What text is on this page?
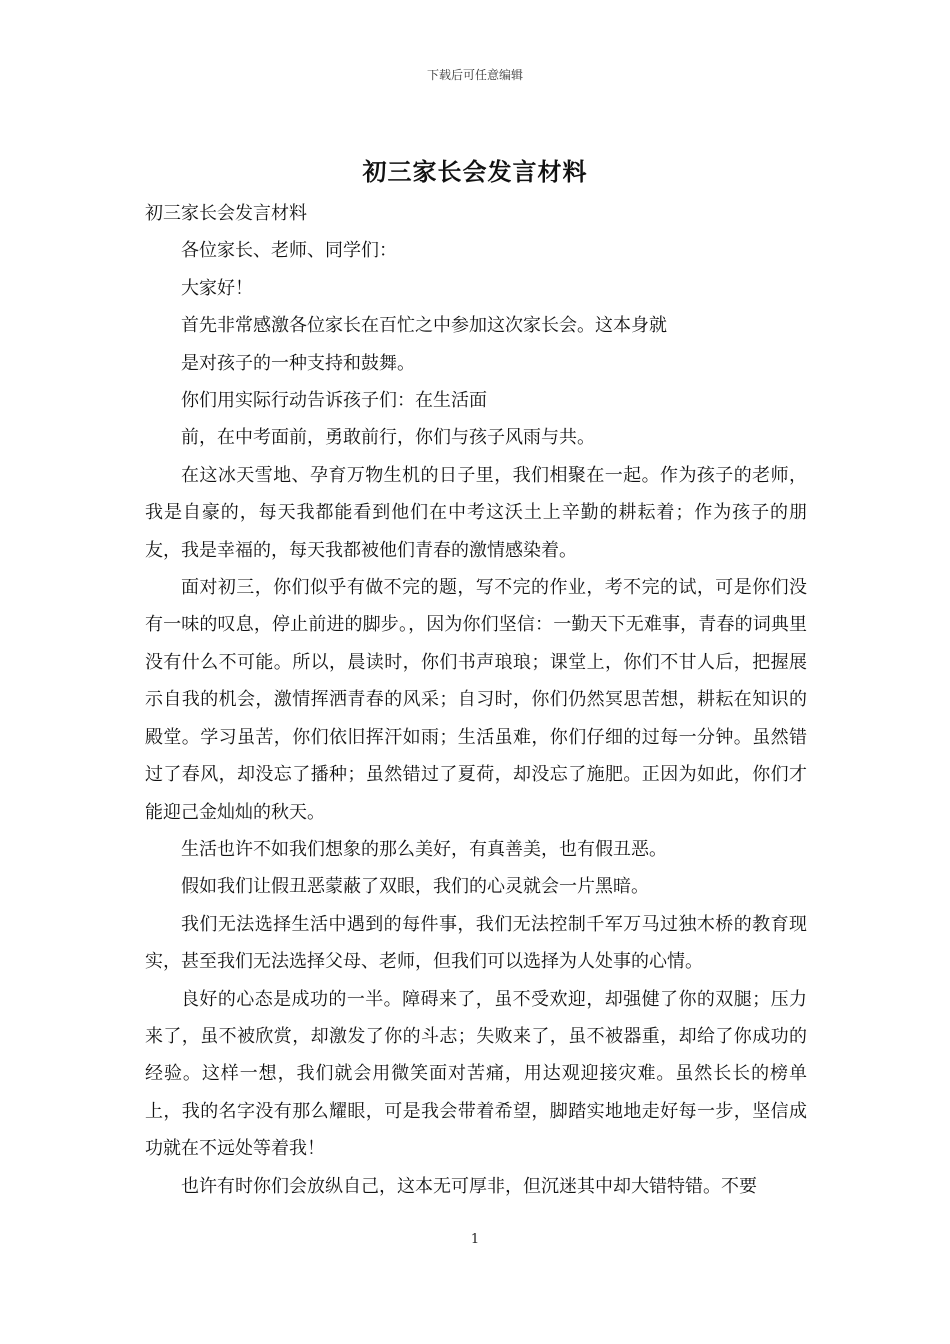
下载后可任意编辑
初三家长会发言材料

初三家长会发言材料

各位家长、老师、同学们：

大家好！

首先非常感激各位家长在百忙之中参加这次家长会。这本身就

是对孩子的一种支持和鼓舞。

你们用实际行动告诉孩子们：在生活面

前，在中考面前，勇敢前行，你们与孩子风雨与共。

在这冰天雪地、孕育万物生机的日子里，我们相聚在一起。作为孩子的老师，我是自豪的，每天我都能看到他们在中考这沃土上辛勤的耕耘着；作为孩子的朋友，我是幸福的，每天我都被他们青春的激情感染着。

面对初三，你们似乎有做不完的题，写不完的作业，考不完的试，可是你们没有一味的叹息，停止前进的脚步。，因为你们坚信：一勤天下无难事，青春的词典里没有什么不可能。所以，晨读时，你们书声琅琅；课堂上，你们不甘人后，把握展示自我的机会，激情挥洒青春的风采；自习时，你们仍然冥思苦想，耕耘在知识的殿堂。学习虽苦，你们依旧挥汗如雨；生活虽难，你们仔细的过每一分钟。虽然错过了春风，却没忘了播种；虽然错过了夏荷，却没忘了施肥。正因为如此，你们才能迎己金灿灿的秋天。

生活也许不如我们想象的那么美好，有真善美，也有假丑恶。

假如我们让假丑恶蒙蔽了双眼，我们的心灵就会一片黑暗。

我们无法选择生活中遇到的每件事，我们无法控制千军万马过独木桥的教育现实，甚至我们无法选择父母、老师，但我们可以选择为人处事的心情。

良好的心态是成功的一半。障碍来了，虽不受欢迎，却强健了你的双腿；压力来了，虽不被欣赏，却激发了你的斗志；失败来了，虽不被器重，却给了你成功的经验。这样一想，我们就会用微笑面对苦痛，用达观迎接灾难。虽然长长的榜单上，我的名字没有那么耀眼，可是我会带着希望，脚踏实地地走好每一步，坚信成功就在不远处等着我！

也许有时你们会放纵自己，这本无可厚非，但沉迷其中却大错特错。不要

1
